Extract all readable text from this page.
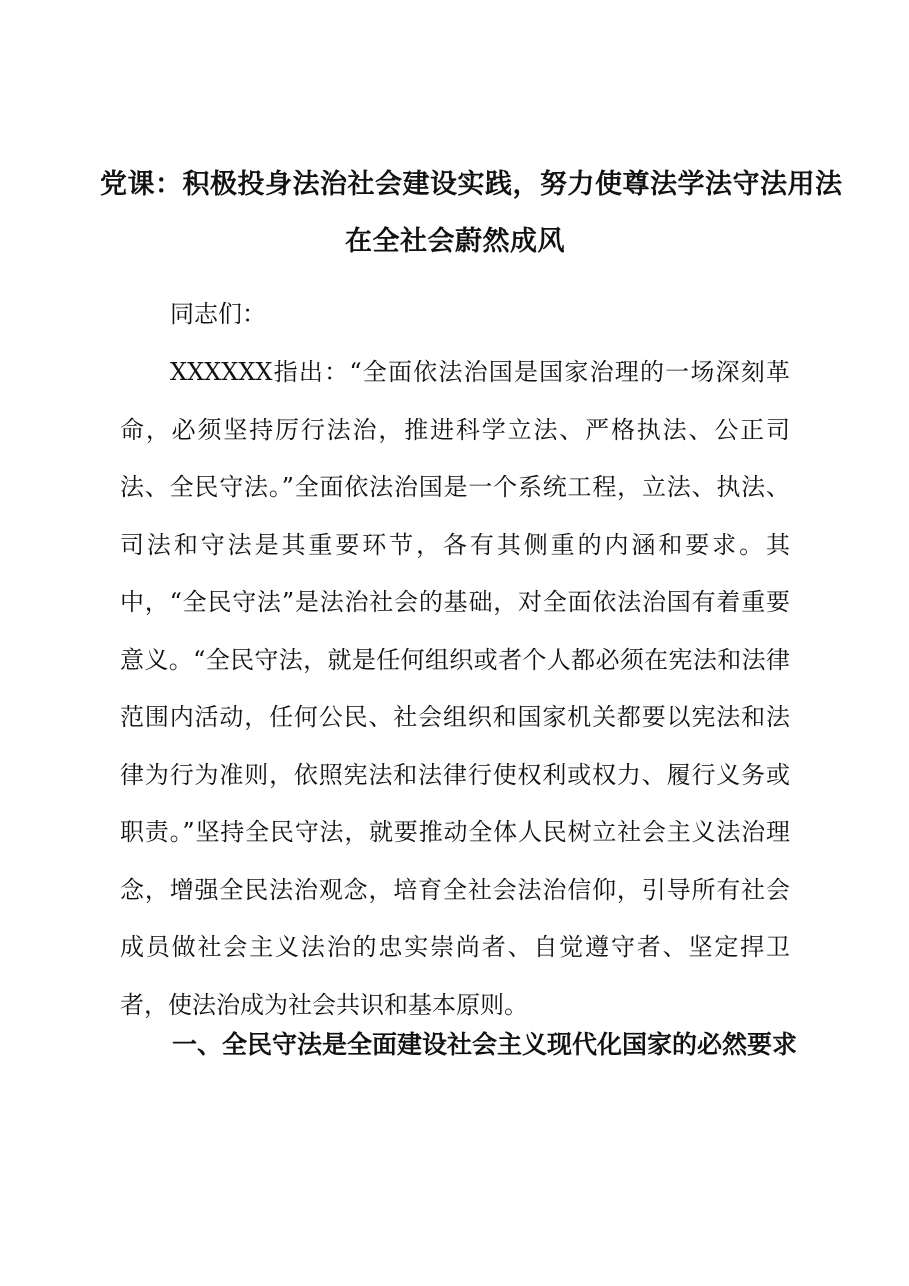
党课：积极投身法治社会建设实践，努力使尊法学法守法用法
在全社会蔚然成风
同志们：
XXXXXX指出：“全面依法治国是国家治理的一场深刻革命，必须坚持厉行法治，推进科学立法、严格执法、公正司法、全民守法。”全面依法治国是一个系统工程，立法、执法、司法和守法是其重要环节，各有其侧重的内涵和要求。其中，“全民守法”是法治社会的基础，对全面依法治国有着重要意义。“全民守法，就是任何组织或者个人都必须在宪法和法律范围内活动，任何公民、社会组织和国家机关都要以宪法和法律为行为准则，依照宪法和法律行使权利或权力、履行义务或职责。”坚持全民守法，就要推动全体人民树立社会主义法治理念，增强全民法治观念，培育全社会法治信仰，引导所有社会成员做社会主义法治的忠实崇尚者、自觉遵守者、坚定捍卫者，使法治成为社会共识和基本原则。
一、全民守法是全面建设社会主义现代化国家的必然要求
